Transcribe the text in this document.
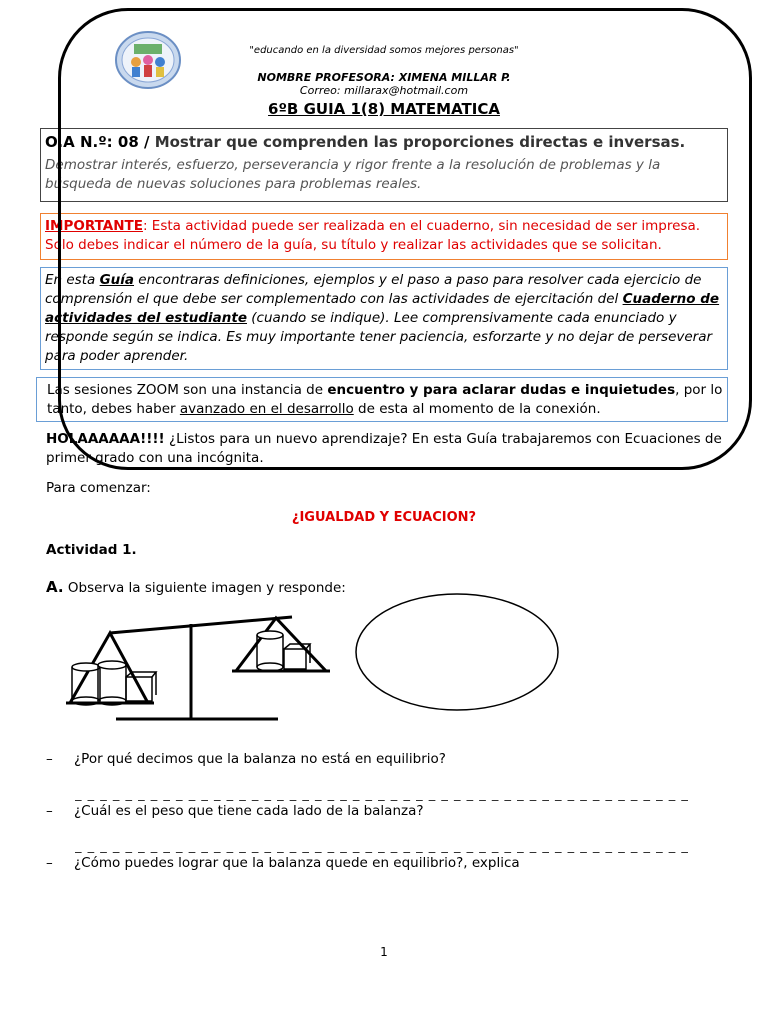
"educando en la diversidad somos mejores personas"
NOMBRE PROFESORA: XIMENA MILLAR P.
Correo: millarax@hotmail.com
6ºB GUIA 1(8) MATEMATICA
O.A N.º: 08 / Mostrar que comprenden las proporciones directas e inversas.
Demostrar interés, esfuerzo, perseverancia y rigor frente a la resolución de problemas y la búsqueda de nuevas soluciones para problemas reales.
IMPORTANTE: Esta actividad puede ser realizada en el cuaderno, sin necesidad de ser impresa. Solo debes indicar el número de la guía, su título y realizar las actividades que se solicitan.
En esta Guía encontraras definiciones, ejemplos y el paso a paso para resolver cada ejercicio de comprensión el que debe ser complementado con las actividades de ejercitación del Cuaderno de actividades del estudiante (cuando se indique). Lee comprensivamente cada enunciado y responde según se indica. Es muy importante tener paciencia, esforzarte y no dejar de perseverar para poder aprender.
Las sesiones ZOOM son una instancia de encuentro y para aclarar dudas e inquietudes, por lo tanto, debes haber avanzado en el desarrollo de esta al momento de la conexión.
HOLAAAAAA!!!! ¿Listos para un nuevo aprendizaje? En esta Guía trabajaremos con Ecuaciones de primer grado con una incógnita.
Para comenzar:
¿IGUALDAD Y ECUACION?
Actividad 1.
A. Observa la siguiente imagen y responde:
– ¿Por qué decimos que la balanza no está en equilibrio?
_ _ _ _ _ _ _ _ _ _ _ _ _ _ _ _ _ _ _ _ _ _ _ _ _ _ _ _ _ _ _ _ _ _ _ _ _ _ _ _ _ _ _ _ _ _ _ _ _
– ¿Cuál es el peso que tiene cada lado de la balanza?
_ _ _ _ _ _ _ _ _ _ _ _ _ _ _ _ _ _ _ _ _ _ _ _ _ _ _ _ _ _ _ _ _ _ _ _ _ _ _ _ _ _ _ _ _ _ _ _ _
– ¿Cómo puedes lograr que la balanza quede en equilibrio?, explica
1
